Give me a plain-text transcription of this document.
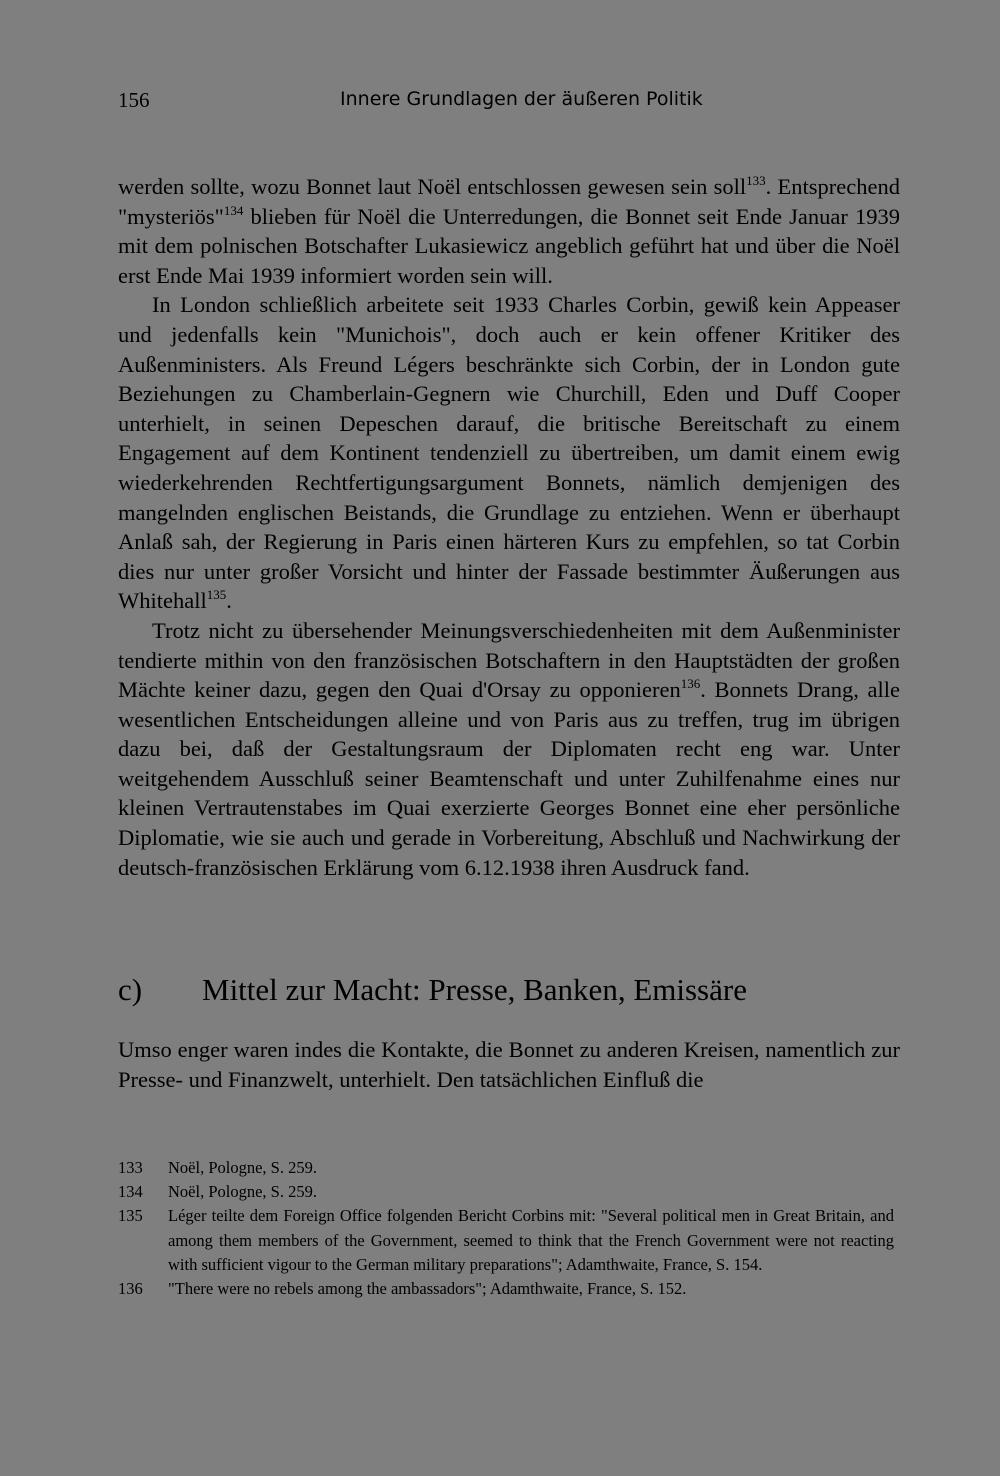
156	Innere Grundlagen der äußeren Politik

werden sollte, wozu Bonnet laut Noël entschlossen gewesen sein soll$^{133}$. Entsprechend "mysteriös"$^{134}$ blieben für Noël die Unterredungen, die Bonnet seit Ende Januar 1939 mit dem polnischen Botschafter Lukasiewicz angeblich geführt hat und über die Noël erst Ende Mai 1939 informiert worden sein will.

In London schließlich arbeitete seit 1933 Charles Corbin, gewiß kein Appeaser und jedenfalls kein "Munichois", doch auch er kein offener Kritiker des Außenministers. Als Freund Légers beschränkte sich Corbin, der in London gute Beziehungen zu Chamberlain-Gegnern wie Churchill, Eden und Duff Cooper unterhielt, in seinen Depeschen darauf, die britische Bereitschaft zu einem Engagement auf dem Kontinent tendenziell zu übertreiben, um damit einem ewig wiederkehrenden Rechtfertigungsargument Bonnets, nämlich demjenigen des mangelnden englischen Beistands, die Grundlage zu entziehen. Wenn er überhaupt Anlaß sah, der Regierung in Paris einen härteren Kurs zu empfehlen, so tat Corbin dies nur unter großer Vorsicht und hinter der Fassade bestimmter Äußerungen aus Whitehall$^{135}$.

Trotz nicht zu übersehender Meinungsverschiedenheiten mit dem Außenminister tendierte mithin von den französischen Botschaftern in den Hauptstädten der großen Mächte keiner dazu, gegen den Quai d'Orsay zu opponieren$^{136}$. Bonnets Drang, alle wesentlichen Entscheidungen alleine und von Paris aus zu treffen, trug im übrigen dazu bei, daß der Gestaltungsraum der Diplomaten recht eng war. Unter weitgehendem Ausschluß seiner Beamtenschaft und unter Zuhilfenahme eines nur kleinen Vertrautenstabes im Quai exerzierte Georges Bonnet eine eher persönliche Diplomatie, wie sie auch und gerade in Vorbereitung, Abschluß und Nachwirkung der deutsch-französischen Erklärung vom 6.12.1938 ihren Ausdruck fand.

c) Mittel zur Macht: Presse, Banken, Emissäre

Umso enger waren indes die Kontakte, die Bonnet zu anderen Kreisen, namentlich zur Presse- und Finanzwelt, unterhielt. Den tatsächlichen Einfluß die

133 Noël, Pologne, S. 259.
134 Noël, Pologne, S. 259.
135 Léger teilte dem Foreign Office folgenden Bericht Corbins mit: "Several political men in Great Britain, and among them members of the Government, seemed to think that the French Government were not reacting with sufficient vigour to the German military preparations"; Adamthwaite, France, S. 154.
136 "There were no rebels among the ambassadors"; Adamthwaite, France, S. 152.
